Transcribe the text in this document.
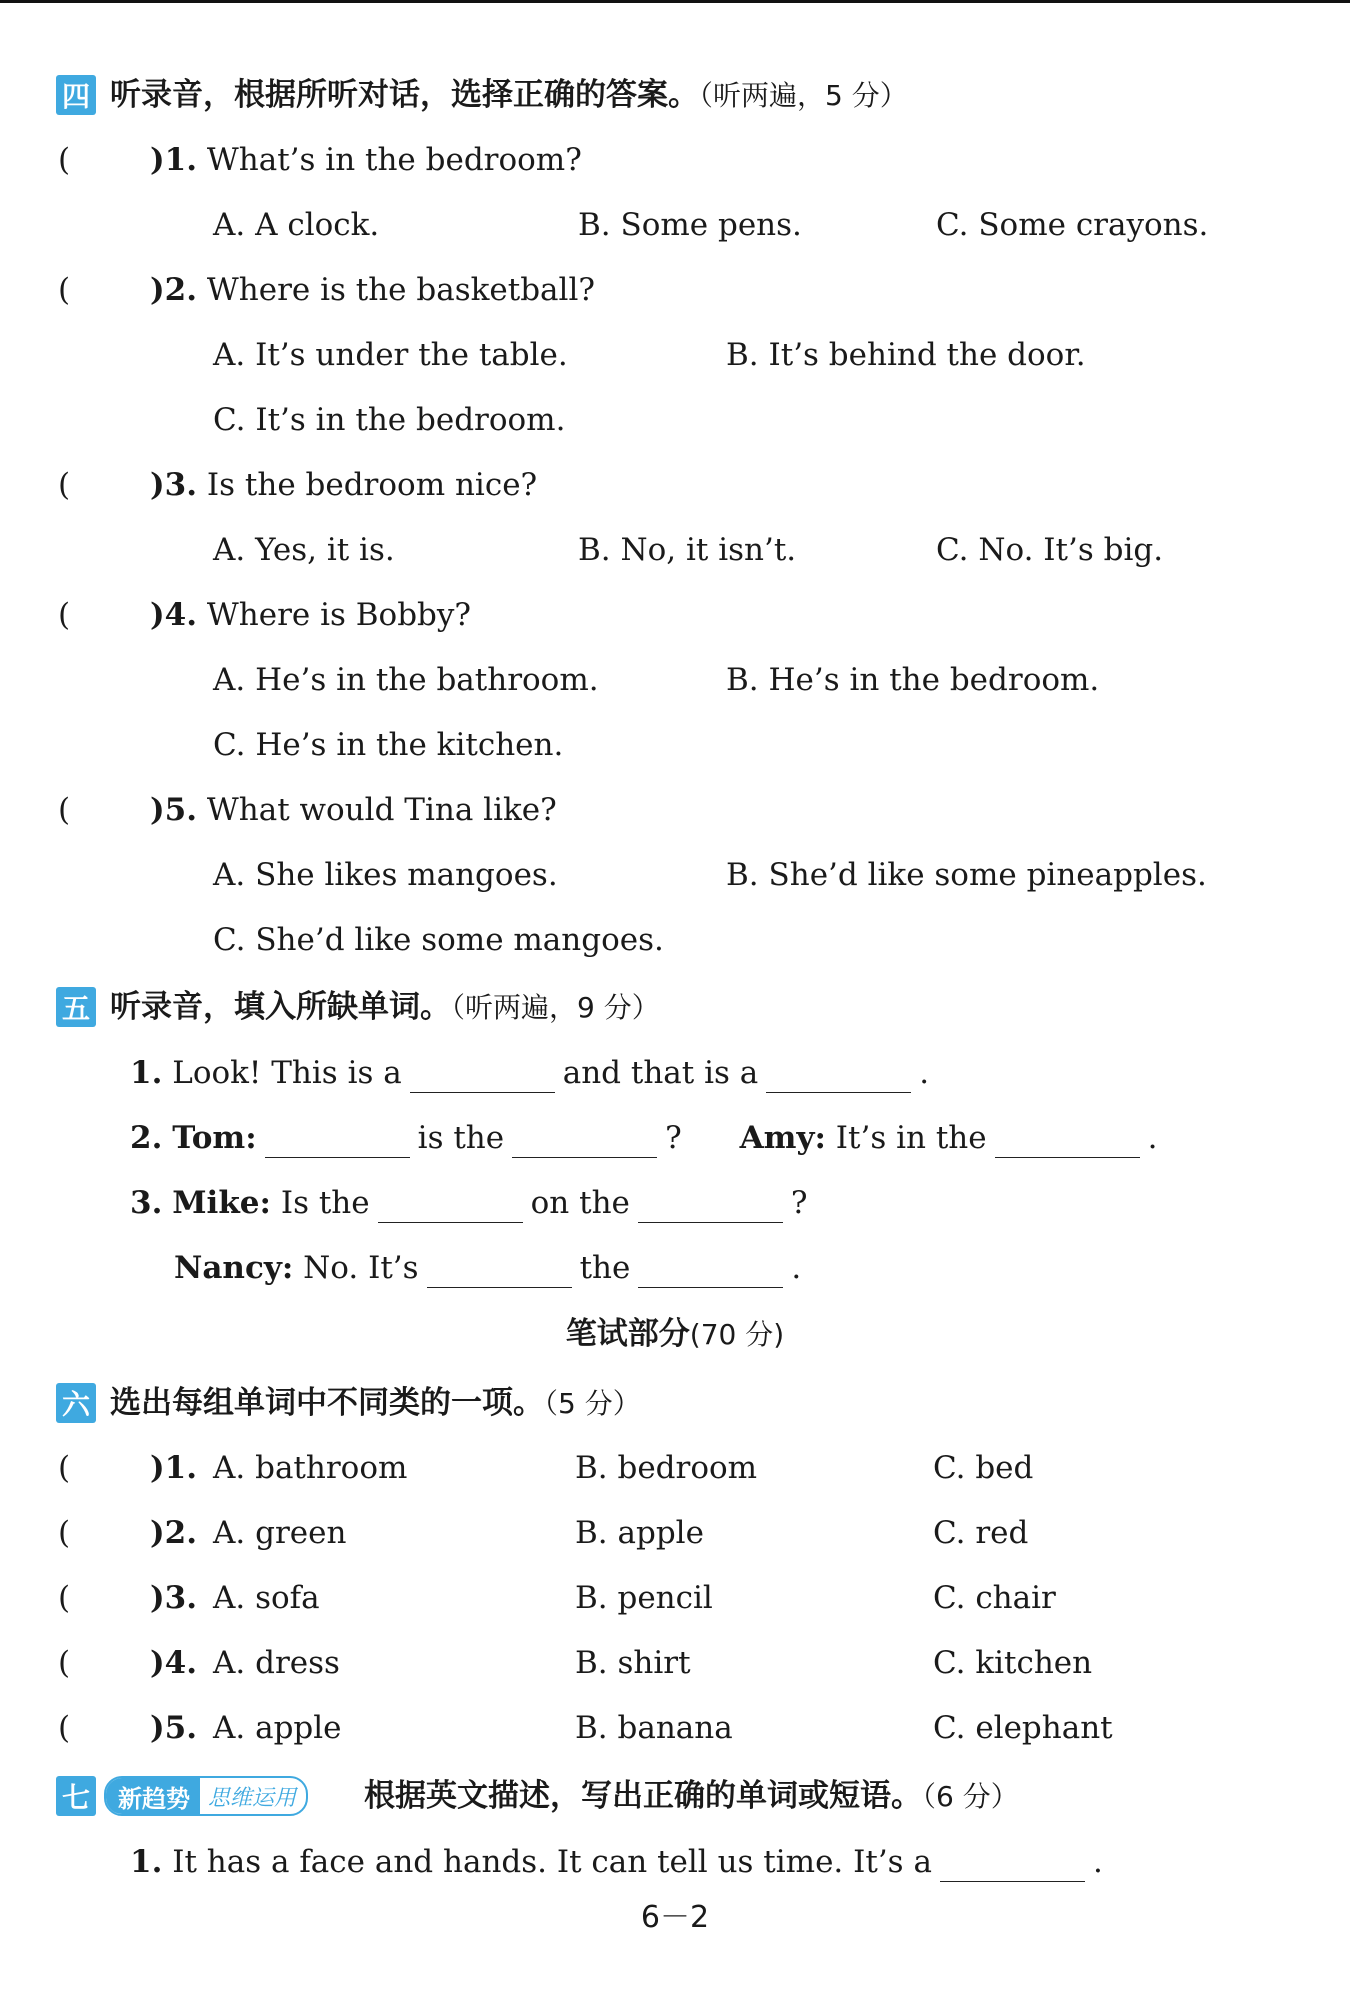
四 听录音，根据所听对话，选择正确的答案。（听两遍，5 分）
(	)1. What’s in the bedroom?
A. A clock.	B. Some pens.	C. Some crayons.
(	)2. Where is the basketball?
A. It’s under the table.	B. It’s behind the door.
C. It’s in the bedroom.
(	)3. Is the bedroom nice?
A. Yes, it is.	B. No, it isn’t.	C. No. It’s big.
(	)4. Where is Bobby?
A. He’s in the bathroom.	B. He’s in the bedroom.
C. He’s in the kitchen.
(	)5. What would Tina like?
A. She likes mangoes.	B. She’d like some pineapples.
C. She’d like some mangoes.
五 听录音，填入所缺单词。（听两遍，9 分）
1. Look! This is a	and that is a	.
2. Tom:	is the	? Amy: It’s in the	.
3. Mike: Is the	on the	?
Nancy: No. It’s	the	.
笔试部分(70 分)
六 选出每组单词中不同类的一项。（5 分）
(	)1. A. bathroom	B. bedroom	C. bed
(	)2. A. green	B. apple	C. red
(	)3. A. sofa	B. pencil	C. chair
(	)4. A. dress	B. shirt	C. kitchen
(	)5. A. apple	B. banana	C. elephant
七	新趋势 思维运用	根据英文描述，写出正确的单词或短语。（6 分）
1. It has a face and hands. It can tell us time. It’s a	.
6－2
